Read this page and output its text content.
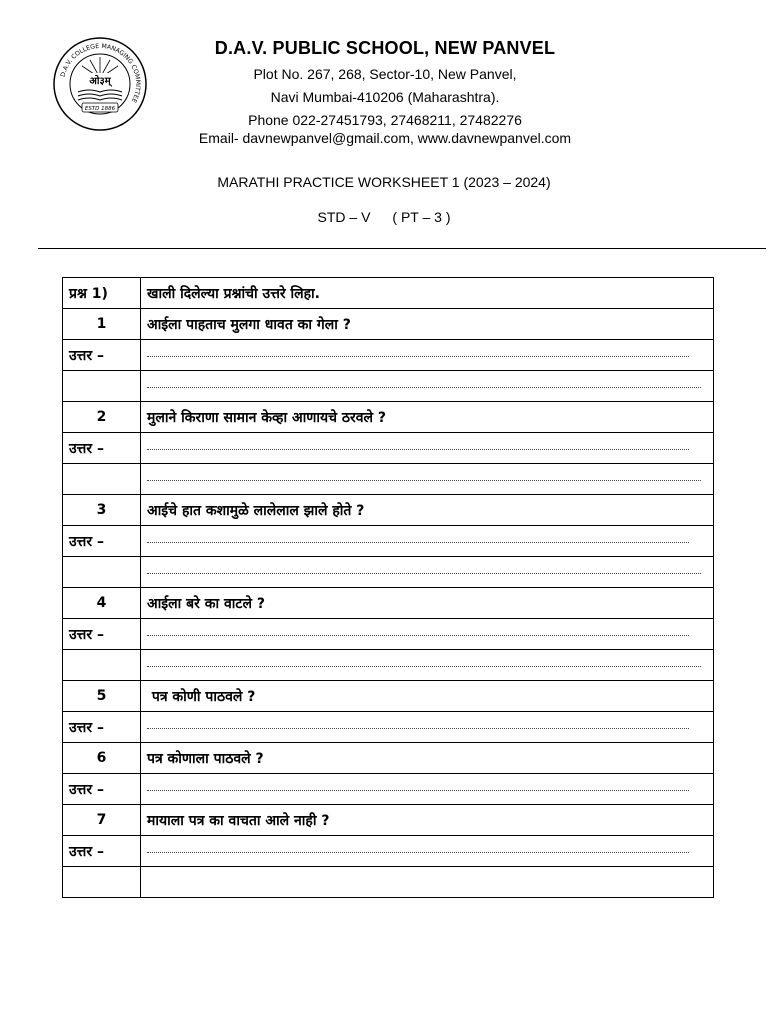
D.A.V. COLLEGE MANAGING COMMITTEE
ओ३म्
ESTD 1886
D.A.V. PUBLIC SCHOOL, NEW PANVEL
Plot No. 267, 268, Sector-10, New Panvel,
Navi Mumbai-410206 (Maharashtra).
Phone 022-27451793, 27468211, 27482276
Email- davnewpanvel@gmail.com, www.davnewpanvel.com
MARATHI PRACTICE WORKSHEET 1 (2023 – 2024)
STD – V ( PT – 3 )
प्रश्न 1)	खाली दिलेल्या प्रश्नांची उत्तरे लिहा.
1	आईला पाहताच मुलगा धावत का गेला ?
उत्तर –	

2	मुलाने किराणा सामान केव्हा आणायचे ठरवले ?
उत्तर –	

3	आईचे हात कशामुळे लालेलाल झाले होते ?
उत्तर –	

4	आईला बरे का वाटले ?
उत्तर –	

5	पत्र कोणी पाठवले ?
उत्तर –	

6	पत्र कोणाला पाठवले ?
उत्तर –	

7	मायाला पत्र का वाचता आले नाही ?
उत्तर –	
